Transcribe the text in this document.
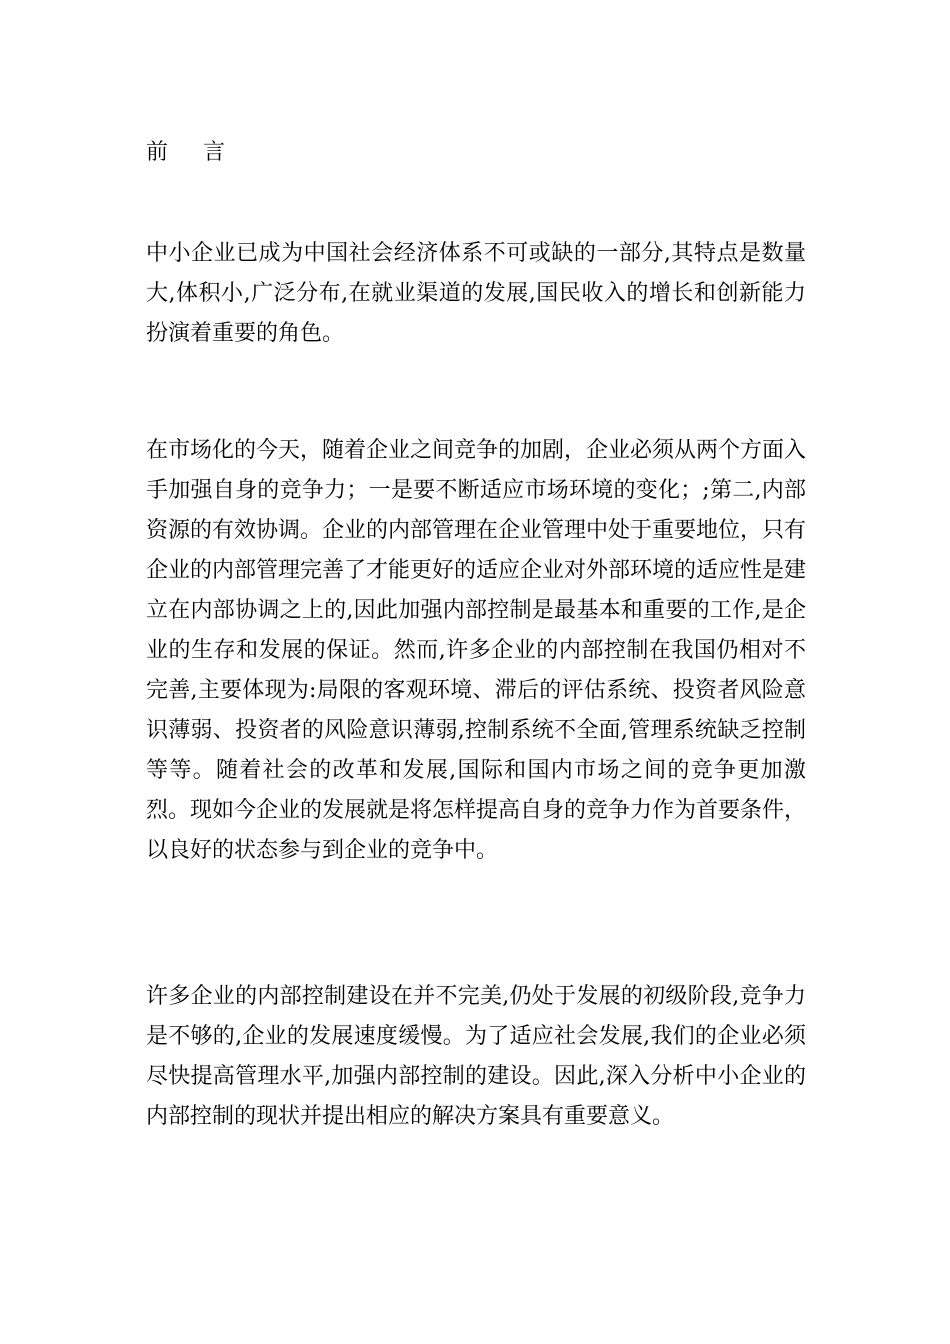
前 言

中小企业已成为中国社会经济体系不可或缺的一部分,其特点是数量大,体积小,广泛分布,在就业渠道的发展,国民收入的增长和创新能力扮演着重要的角色。

在市场化的今天，随着企业之间竞争的加剧，企业必须从两个方面入手加强自身的竞争力；一是要不断适应市场环境的变化；;第二,内部资源的有效协调。企业的内部管理在企业管理中处于重要地位，只有企业的内部管理完善了才能更好的适应企业对外部环境的适应性是建立在内部协调之上的,因此加强内部控制是最基本和重要的工作,是企业的生存和发展的保证。然而,许多企业的内部控制在我国仍相对不完善,主要体现为:局限的客观环境、滞后的评估系统、投资者风险意识薄弱、投资者的风险意识薄弱,控制系统不全面,管理系统缺乏控制等等。随着社会的改革和发展,国际和国内市场之间的竞争更加激烈。现如今企业的发展就是将怎样提高自身的竞争力作为首要条件，以良好的状态参与到企业的竞争中。

许多企业的内部控制建设在并不完美,仍处于发展的初级阶段,竞争力是不够的,企业的发展速度缓慢。为了适应社会发展,我们的企业必须尽快提高管理水平,加强内部控制的建设。因此,深入分析中小企业的内部控制的现状并提出相应的解决方案具有重要意义。
